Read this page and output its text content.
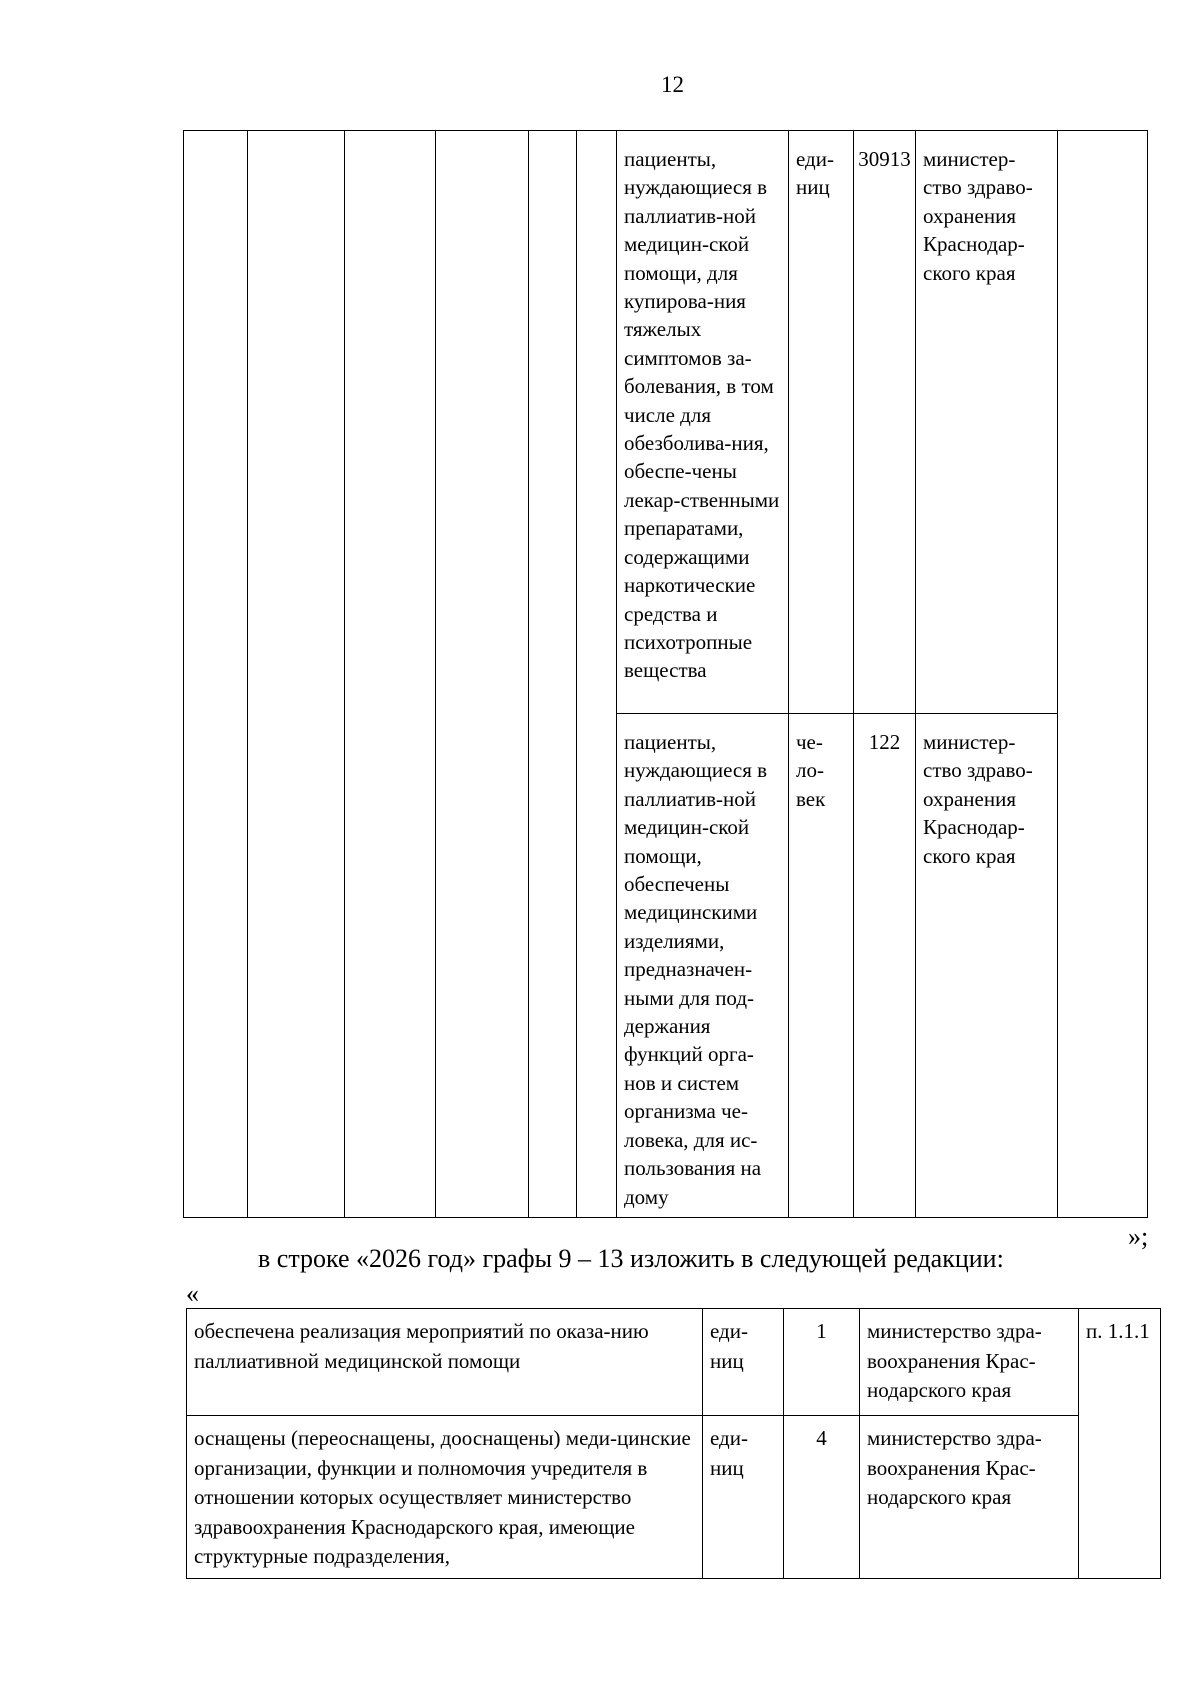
12
						пациенты, нуждающиеся в паллиатив-ной медицин-ской помощи, для купирова-ния тяжелых симптомов за-болевания, в том числе для обезболива-ния, обеспе-чены лекар-ственными препаратами, содержащими наркотические средства и психотропные вещества	еди-ниц	30913	министер-ство здраво-охранения Краснодар-ского края	
						пациенты, нуждающиеся в паллиатив-ной медицин-ской помощи, обеспечены медицинскими изделиями, предназначен-ными для под-держания функций орга-нов и систем организма че-ловека, для ис-пользования на дому	че-ло-век	122	министер-ство здраво-охранения Краснодар-ского края	
»;
в строке «2026 год» графы 9 – 13 изложить в следующей редакции:
«
обеспечена реализация мероприятий по оказа-нию паллиативной медицинской помощи	еди-ниц	1	министерство здра-воохранения Крас-нодарского края	п. 1.1.1
оснащены (переоснащены, дооснащены) меди-цинские организации, функции и полномочия учредителя в отношении которых осуществляет министерство здравоохранения Краснодарского края, имеющие структурные подразделения,	еди-ниц	4	министерство здра-воохранения Крас-нодарского края	
